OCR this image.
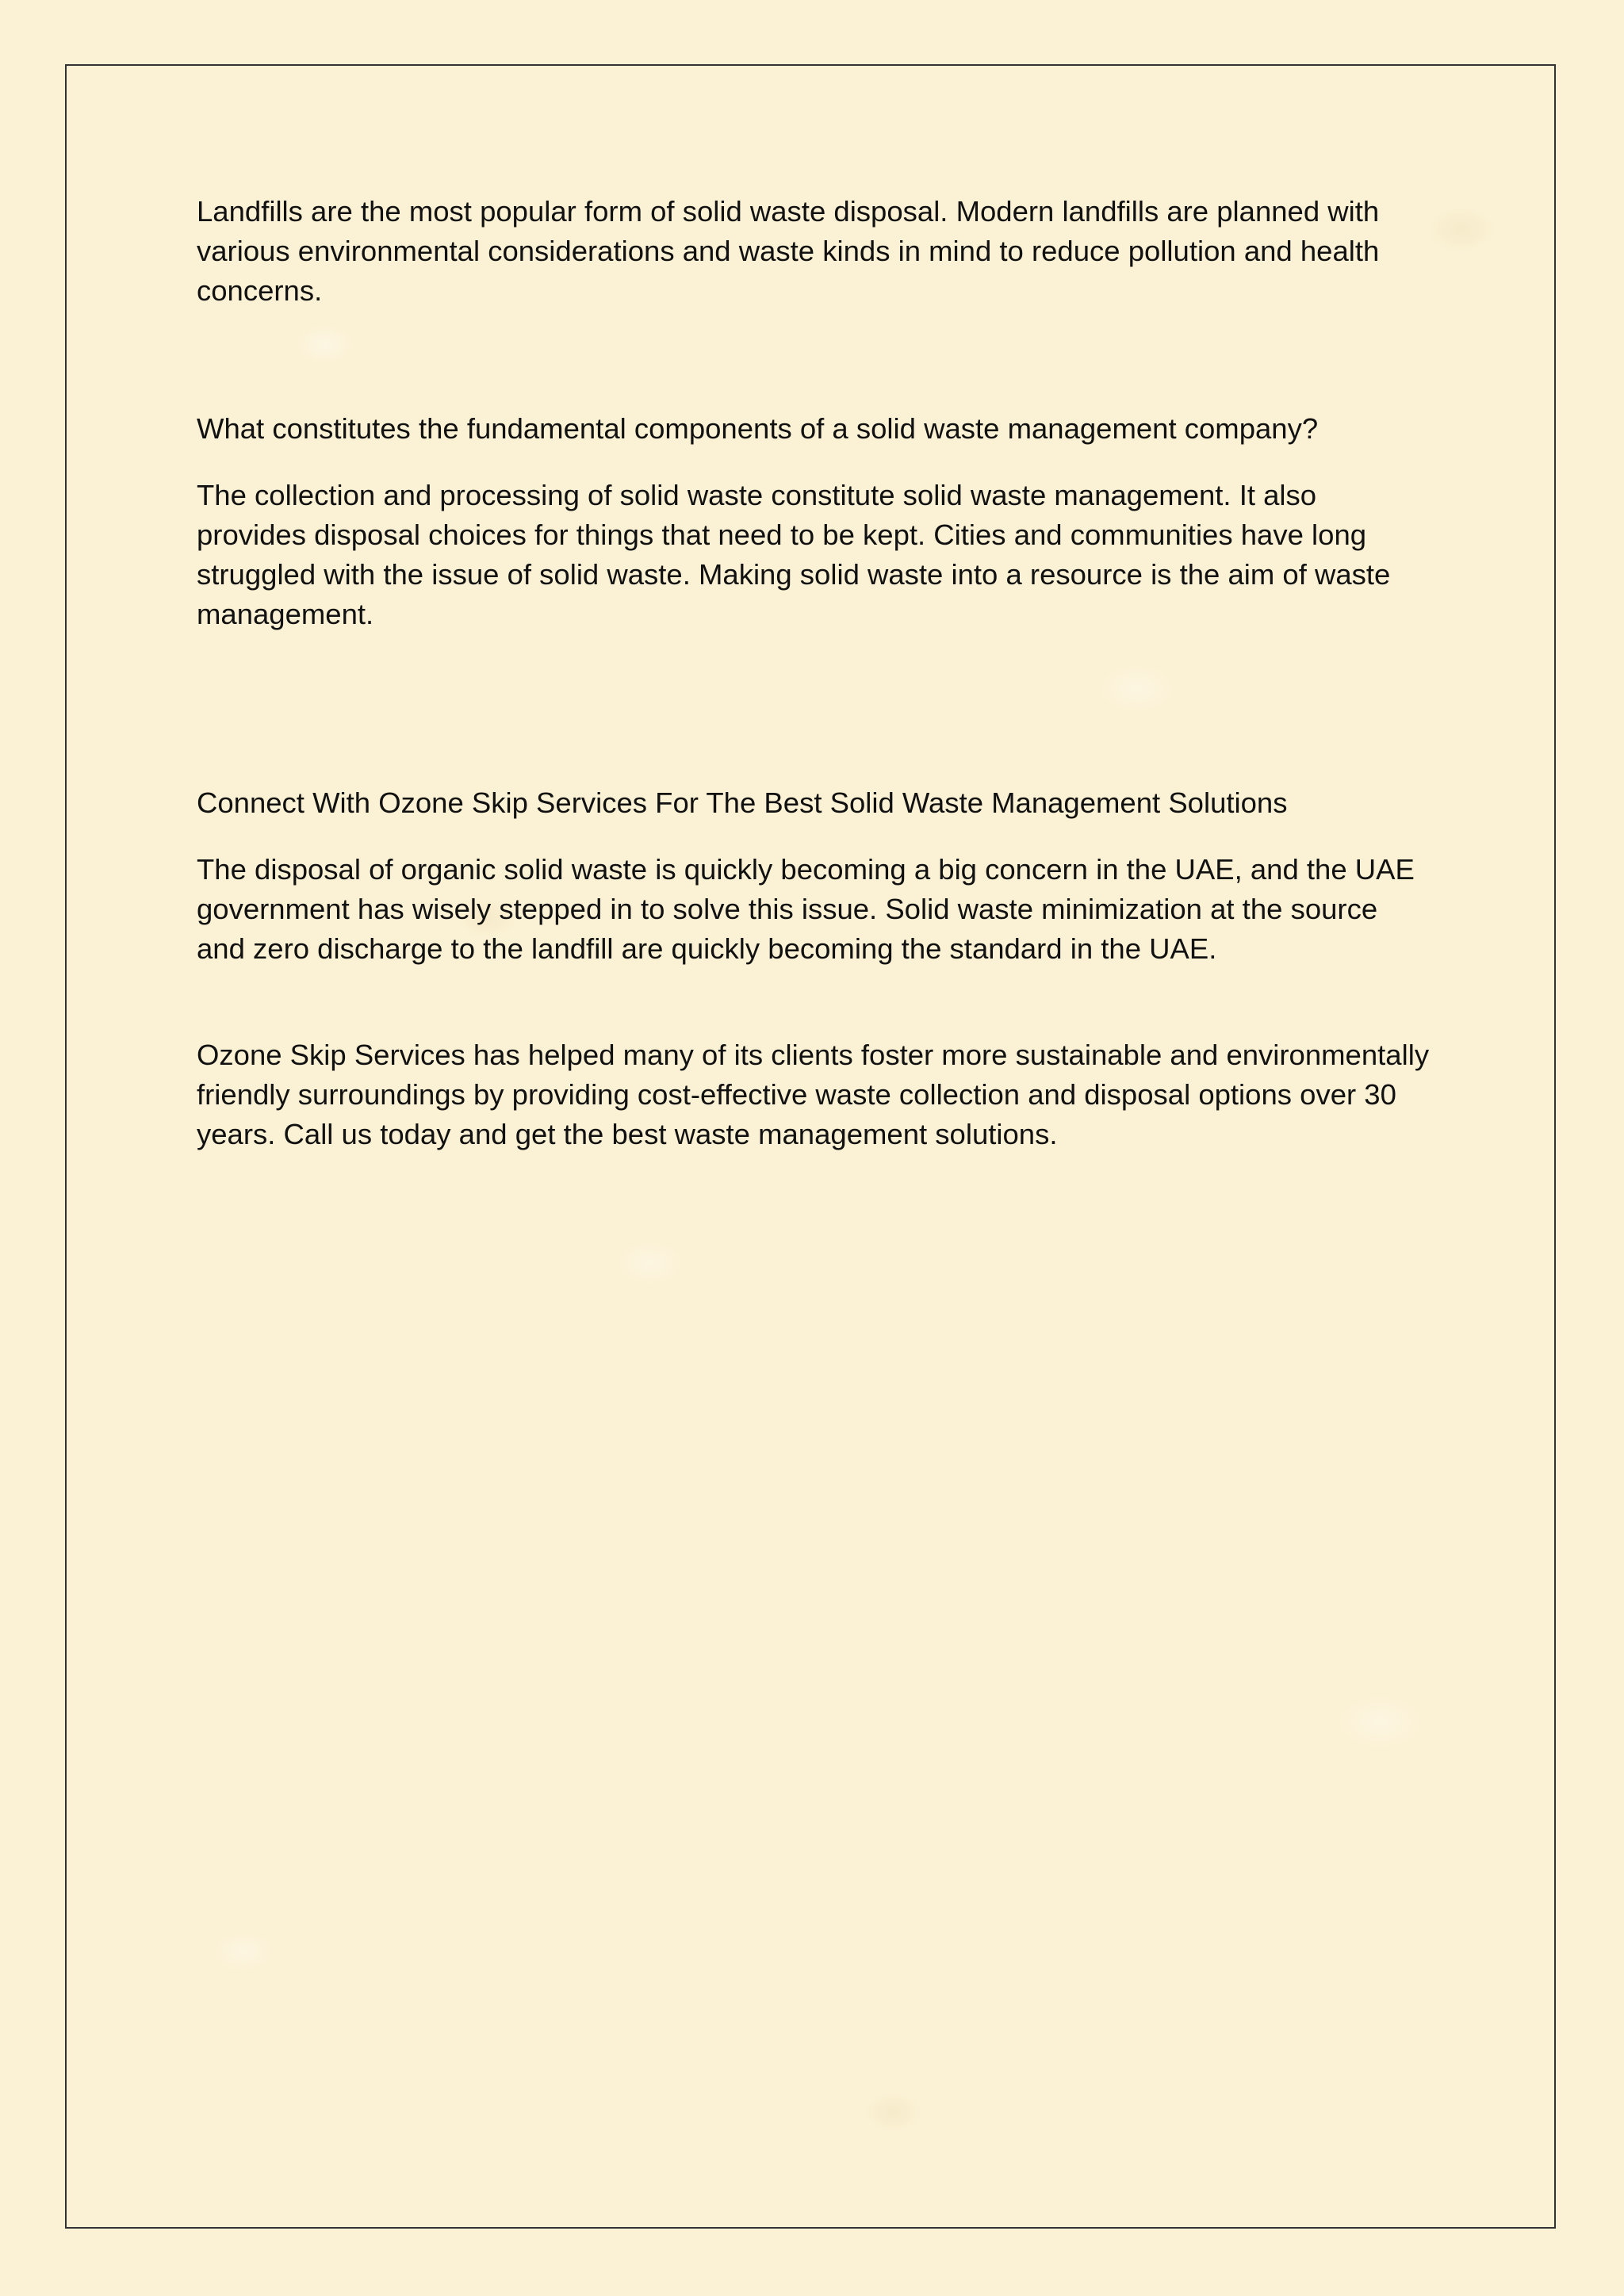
Landfills are the most popular form of solid waste disposal. Modern landfills are planned with various environmental considerations and waste kinds in mind to reduce pollution and health concerns.

What constitutes the fundamental components of a solid waste management company?

The collection and processing of solid waste constitute solid waste management. It also provides disposal choices for things that need to be kept. Cities and communities have long struggled with the issue of solid waste. Making solid waste into a resource is the aim of waste management.

Connect With Ozone Skip Services For The Best Solid Waste Management Solutions

The disposal of organic solid waste is quickly becoming a big concern in the UAE, and the UAE government has wisely stepped in to solve this issue. Solid waste minimization at the source and zero discharge to the landfill are quickly becoming the standard in the UAE.

Ozone Skip Services has helped many of its clients foster more sustainable and environmentally friendly surroundings by providing cost-effective waste collection and disposal options over 30 years. Call us today and get the best waste management solutions.
